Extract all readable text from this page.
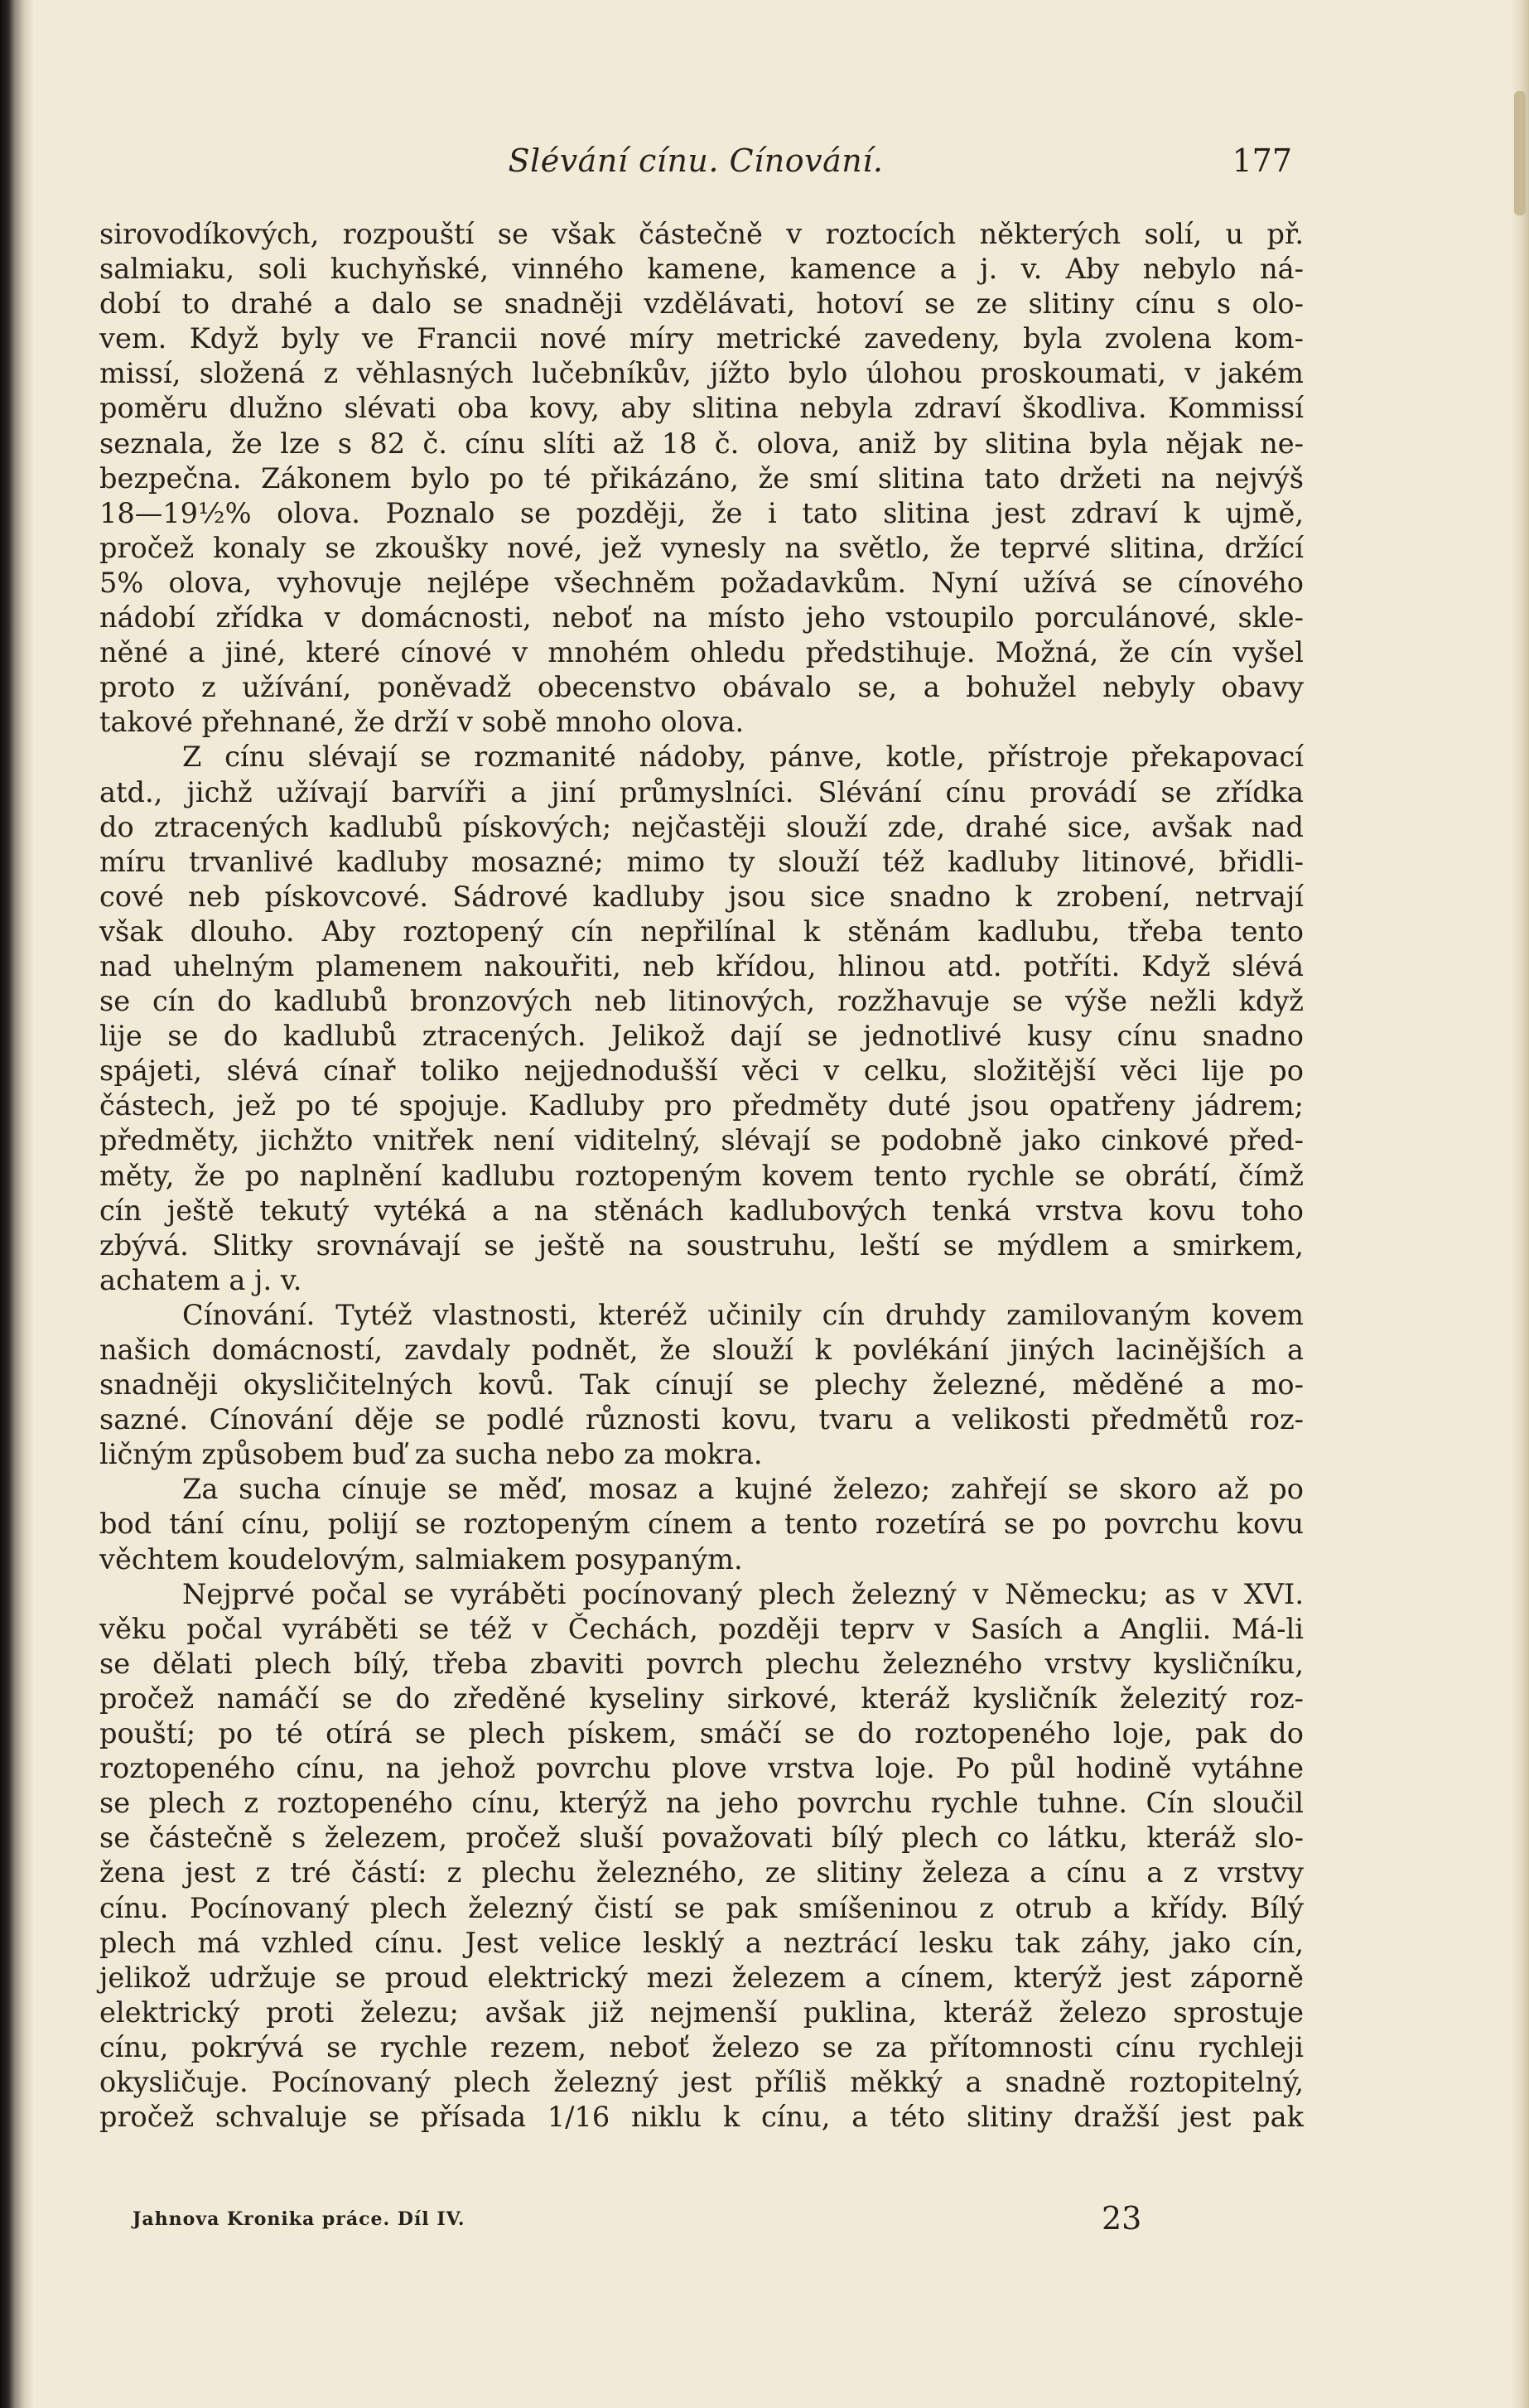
Slévání cínu. Cínování.	177
sirovodíkových, rozpouští se však částečně v roztocích některých solí, u př.
salmiaku, soli kuchyňské, vinného kamene, kamence a j. v. Aby nebylo ná-
dobí to drahé a dalo se snadněji vzdělávati, hotoví se ze slitiny cínu s olo-
vem. Když byly ve Francii nové míry metrické zavedeny, byla zvolena kom-
missí, složená z věhlasných lučebníkův, jížto bylo úlohou proskoumati, v jakém
poměru dlužno slévati oba kovy, aby slitina nebyla zdraví škodliva. Kommissí
seznala, že lze s 82 č. cínu slíti až 18 č. olova, aniž by slitina byla nějak ne-
bezpečna. Zákonem bylo po té přikázáno, že smí slitina tato držeti na nejvýš
18—19½% olova. Poznalo se později, že i tato slitina jest zdraví k ujmě,
pročež konaly se zkoušky nové, jež vynesly na světlo, že teprvé slitina, držící
5% olova, vyhovuje nejlépe všechněm požadavkům. Nyní užívá se cínového
nádobí zřídka v domácnosti, neboť na místo jeho vstoupilo porculánové, skle-
něné a jiné, které cínové v mnohém ohledu předstihuje. Možná, že cín vyšel
proto z užívání, poněvadž obecenstvo obávalo se, a bohužel nebyly obavy
takové přehnané, že drží v sobě mnoho olova.
Z cínu slévají se rozmanité nádoby, pánve, kotle, přístroje překapovací
atd., jichž užívají barvíři a jiní průmyslníci. Slévání cínu provádí se zřídka
do ztracených kadlubů pískových; nejčastěji slouží zde, drahé sice, avšak nad
míru trvanlivé kadluby mosazné; mimo ty slouží též kadluby litinové, břidli-
cové neb pískovcové. Sádrové kadluby jsou sice snadno k zrobení, netrvají
však dlouho. Aby roztopený cín nepřilínal k stěnám kadlubu, třeba tento
nad uhelným plamenem nakouřiti, neb křídou, hlinou atd. potříti. Když slévá
se cín do kadlubů bronzových neb litinových, rozžhavuje se výše nežli když
lije se do kadlubů ztracených. Jelikož dají se jednotlivé kusy cínu snadno
spájeti, slévá cínař toliko nejjednodušší věci v celku, složitější věci lije po
částech, jež po té spojuje. Kadluby pro předměty duté jsou opatřeny jádrem;
předměty, jichžto vnitřek není viditelný, slévají se podobně jako cinkové před-
měty, že po naplnění kadlubu roztopeným kovem tento rychle se obrátí, čímž
cín ještě tekutý vytéká a na stěnách kadlubových tenká vrstva kovu toho
zbývá. Slitky srovnávají se ještě na soustruhu, leští se mýdlem a smirkem,
achatem a j. v.
Cínování. Tytéž vlastnosti, kteréž učinily cín druhdy zamilovaným kovem
našich domácností, zavdaly podnět, že slouží k povlékání jiných lacinějších a
snadněji okysličitelných kovů. Tak cínují se plechy železné, měděné a mo-
sazné. Cínování děje se podlé různosti kovu, tvaru a velikosti předmětů roz-
ličným způsobem buď za sucha nebo za mokra.
Za sucha cínuje se měď, mosaz a kujné železo; zahřejí se skoro až po
bod tání cínu, polijí se roztopeným cínem a tento rozetírá se po povrchu kovu
věchtem koudelovým, salmiakem posypaným.
Nejprvé počal se vyráběti pocínovaný plech železný v Německu; as v XVI.
věku počal vyráběti se též v Čechách, později teprv v Sasích a Anglii. Má-li
se dělati plech bílý, třeba zbaviti povrch plechu železného vrstvy kysličníku,
pročež namáčí se do zředěné kyseliny sirkové, kteráž kysličník železitý roz-
pouští; po té otírá se plech pískem, smáčí se do roztopeného loje, pak do
roztopeného cínu, na jehož povrchu plove vrstva loje. Po půl hodině vytáhne
se plech z roztopeného cínu, kterýž na jeho povrchu rychle tuhne. Cín sloučil
se částečně s železem, pročež sluší považovati bílý plech co látku, kteráž slo-
žena jest z tré částí: z plechu železného, ze slitiny železa a cínu a z vrstvy
cínu. Pocínovaný plech železný čistí se pak smíšeninou z otrub a křídy. Bílý
plech má vzhled cínu. Jest velice lesklý a neztrácí lesku tak záhy, jako cín,
jelikož udržuje se proud elektrický mezi železem a cínem, kterýž jest záporně
elektrický proti železu; avšak již nejmenší puklina, kteráž železo sprostuje
cínu, pokrývá se rychle rezem, neboť železo se za přítomnosti cínu rychleji
okysličuje. Pocínovaný plech železný jest příliš měkký a snadně roztopitelný,
pročež schvaluje se přísada 1/16 niklu k cínu, a této slitiny dražší jest pak
Jahnova Kronika práce. Díl IV.	23
